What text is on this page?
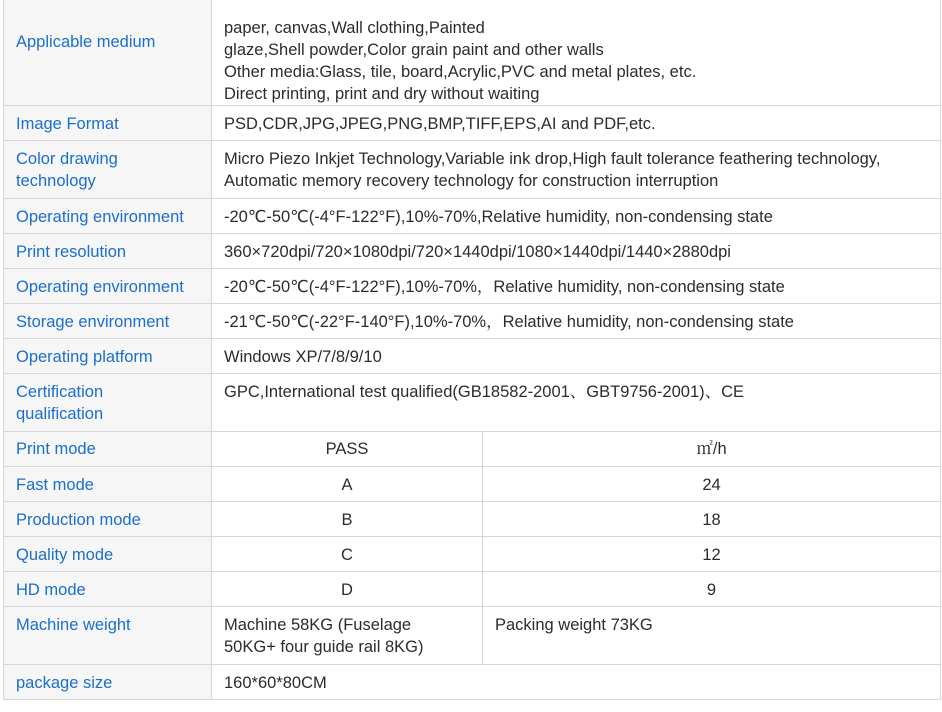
Applicable medium	paper, canvas,Wall clothing,Painted
glaze,Shell powder,Color grain paint and other walls
Other media:Glass, tile, board,Acrylic,PVC and metal plates, etc.
Direct printing, print and dry without waiting	

Image Format	PSD,CDR,JPG,JPEG,PNG,BMP,TIFF,EPS,AI and PDF,etc.	

Color drawing
technology	Micro Piezo Inkjet Technology,Variable ink drop,High fault tolerance feathering technology,
Automatic memory recovery technology for construction interruption	

Operating environment	-20℃-50℃(-4°F-122°F),10%-70%,Relative humidity, non-condensing state	
Print resolution	360×720dpi/720×1080dpi/720×1440dpi/1080×1440dpi/1440×2880dpi	
Operating environment	-20℃-50℃(-4°F-122°F),10%-70%，Relative humidity, non-condensing state	
Storage environment	-21℃-50℃(-22°F-140°F),10%-70%，Relative humidity, non-condensing state	
Operating platform	Windows XP/7/8/9/10	

Certification
qualification	GPC,International test qualified(GB18582-2001、GBT9756-2001)、CE	
Print mode	PASS	㎡/h
Fast mode	A	24
Production mode	B	18
Quality mode	C	12
HD mode	D	9
Machine weight	Machine 58KG (Fuselage
50KG+ four guide rail 8KG)	Packing weight 73KG
package size	160*60*80CM	
